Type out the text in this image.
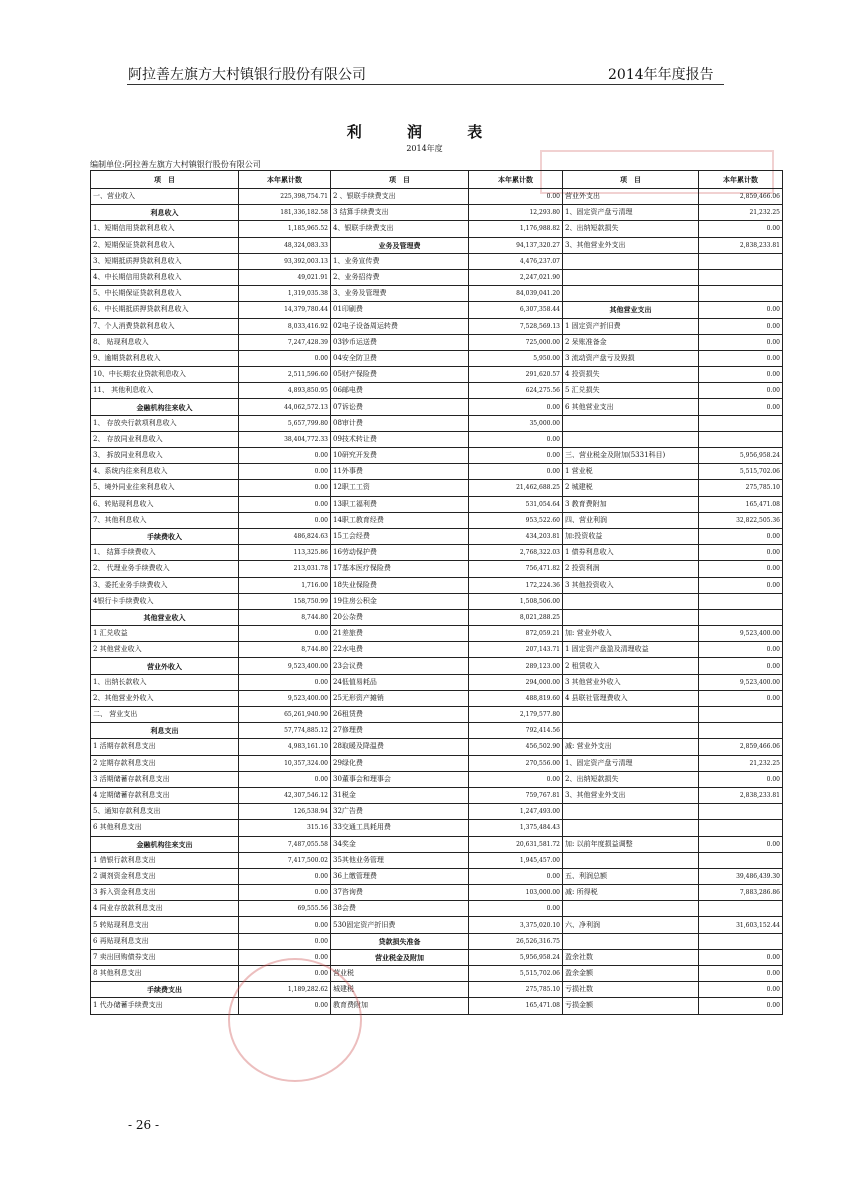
阿拉善左旗方大村镇银行股份有限公司	2014年年度报告
利 润 表
2014年度
编制单位:阿拉善左旗方大村镇银行股份有限公司
项　目	本年累计数	项　目	本年累计数	项　目	本年累计数
一、营业收入	225,398,754.71	2 、银联手续费支出	0.00	营业外支出	2,859,466.06
利息收入	181,336,182.58	3 结算手续费支出	12,293.80	1、固定资产盘亏清理	21,232.25
1、短期信用贷款利息收入	1,185,965.52	4、银联手续费支出	1,176,988.82	2、出纳短款损失	0.00
2、短期保证贷款利息收入	48,324,083.33	业务及管理费	94,137,320.27	3、其他营业外支出	2,838,233.81
3、短期抵质押贷款利息收入	93,392,003.13	1、业务宣传费	4,476,237.07		
4、中长期信用贷款利息收入	49,021.91	2、业务招待费	2,247,021.90		
5、中长期保证贷款利息收入	1,319,035.38	3、业务及管理费	84,039,041.20		
6、中长期抵质押贷款利息收入	14,379,780.44	01印刷费	6,307,358.44	其他营业支出	0.00
7、个人消费贷款利息收入	8,033,416.92	02电子设备周运转费	7,528,569.13	1 固定资产折旧费	0.00
8、 贴现利息收入	7,247,428.39	03钞币运送费	725,000.00	2 呆账准备金	0.00
9、逾期贷款利息收入	0.00	04安全防卫费	5,950.00	3 流动资产盘亏及毁损	0.00
10、中长期农业贷款利息收入	2,511,596.60	05财产保险费	291,620.57	4 投资损失	0.00
11、 其他利息收入	4,893,850.95	06邮电费	624,275.56	5 汇兑损失	0.00
金融机构往来收入	44,062,572.13	07诉讼费	0.00	6 其他营业支出	0.00
1、 存放央行款项利息收入	5,657,799.80	08审计费	35,000.00		
2、 存放同业利息收入	38,404,772.33	09技术转让费	0.00		
3、 拆放同业利息收入	0.00	10研究开发费	0.00	三、营业税金及附加(5331科目)	5,956,958.24
4、系统内往来利息收入	0.00	11外事费	0.00	1 营业税	5,515,702.06
5、境外同业往来利息收入	0.00	12职工工资	21,462,688.25	2 城建税	275,785.10
6、转贴现利息收入	0.00	13职工福利费	531,054.64	3 教育费附加	165,471.08
7、其他利息收入	0.00	14职工教育经费	953,522.60	四、营业利润	32,822,505.36
手续费收入	486,824.63	15工会经费	434,203.81	加:投资收益	0.00
1、 结算手续费收入	113,325.86	16劳动保护费	2,768,322.03	1 债券利息收入	0.00
2、 代理业务手续费收入	213,031.78	17基本医疗保险费	756,471.82	2 投资利润	0.00
3、委托业务手续费收入	1,716.00	18失业保险费	172,224.36	3 其他投资收入	0.00
4银行卡手续费收入	158,750.99	19住房公积金	1,508,506.00		
其他营业收入	8,744.80	20公杂费	8,021,288.25		
1 汇兑收益	0.00	21差旅费	872,059.21	加: 营业外收入	9,523,400.00
2 其他营业收入	8,744.80	22水电费	207,143.71	1 固定资产盘盈及清理收益	0.00
营业外收入	9,523,400.00	23会议费	289,123.00	2 租赁收入	0.00
1、出纳长款收入	0.00	24低值易耗品	294,000.00	3 其他营业外收入	9,523,400.00
2、其他营业外收入	9,523,400.00	25无形资产摊销	488,819.60	4 县联社管理费收入	0.00
二、 营业支出	65,261,940.90	26租赁费	2,179,577.80		
利息支出	57,774,885.12	27修理费	792,414.56		
1 活期存款利息支出	4,983,161.10	28取暖及降温费	456,502.90	减: 营业外支出	2,859,466.06
2 定期存款利息支出	10,357,324.00	29绿化费	270,556.00	1、固定资产盘亏清理	21,232.25
3 活期储蓄存款利息支出	0.00	30董事会和理事会	0.00	2、出纳短款损失	0.00
4 定期储蓄存款利息支出	42,307,546.12	31税金	759,767.81	3、其他营业外支出	2,838,233.81
5、通知存款利息支出	126,538.94	32广告费	1,247,493.00		
6 其他利息支出	315.16	33交通工具耗用费	1,375,484.43		
金融机构往来支出	7,487,055.58	34奖金	20,631,581.72	加: 以前年度损益调整	0.00
1 借银行款利息支出	7,417,500.02	35其他业务管理	1,945,457.00		
2 调剂资金利息支出	0.00	36上缴管理费	0.00	五、利润总额	39,486,439.30
3 拆入资金利息支出	0.00	37咨询费	103,000.00	减: 所得税	7,883,286.86
4 同业存放款利息支出	69,555.56	38会费	0.00		
5 转贴现利息支出	0.00	530固定资产折旧费	3,375,020.10	六、净利润	31,603,152.44
6 再贴现利息支出	0.00	贷款损失准备	26,526,316.75		
7 卖出回购债券支出	0.00	营业税金及附加	5,956,958.24	盈余社数	0.00
8 其他利息支出	0.00	营业税	5,515,702.06	盈余金额	0.00
手续费支出	1,189,282.62	城建税	275,785.10	亏损社数	0.00
1 代办储蓄手续费支出	0.00	教育费附加	165,471.08	亏损金额	0.00
- 26 -
